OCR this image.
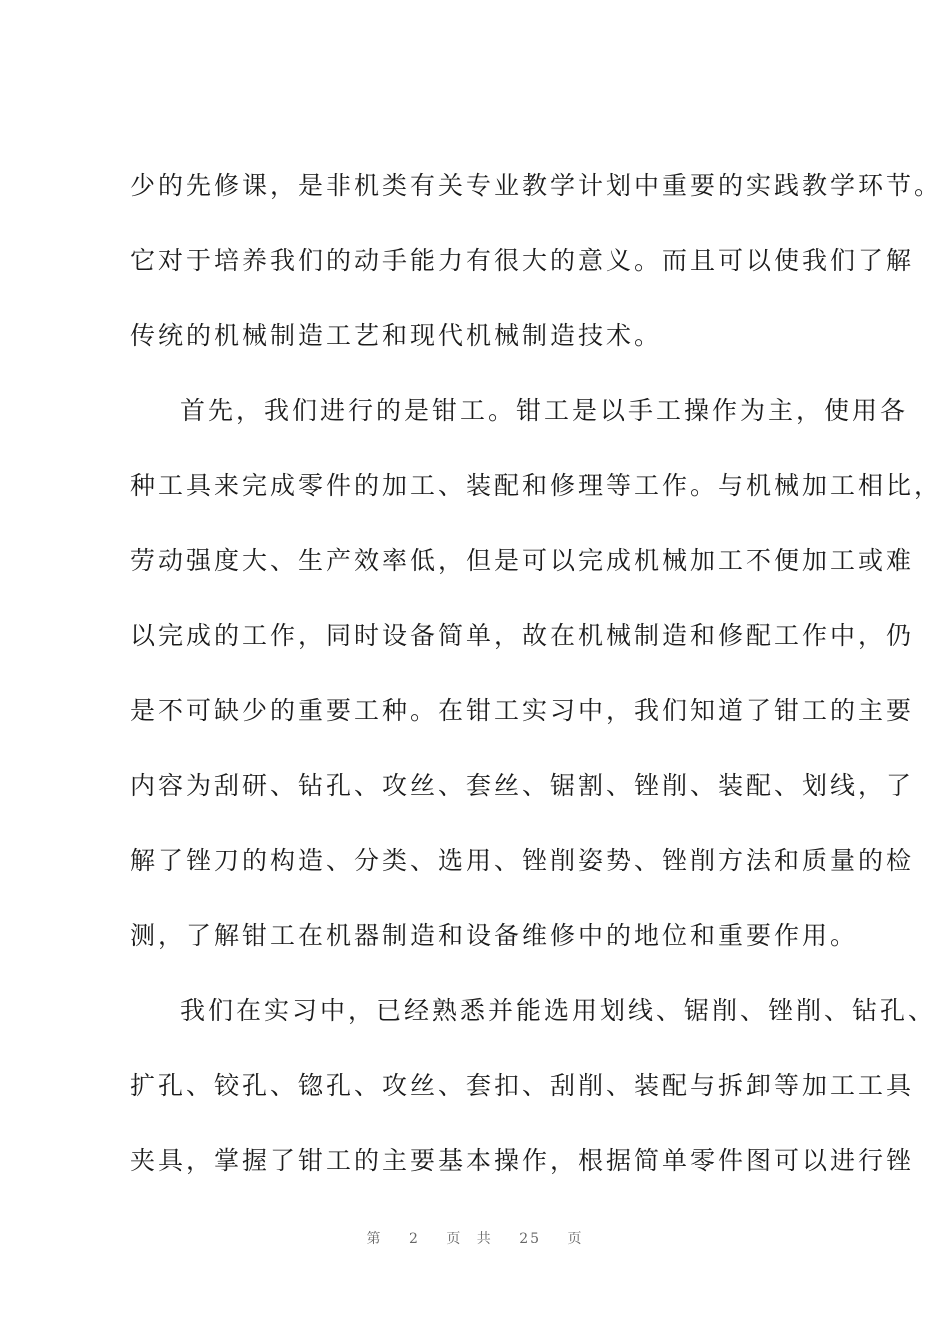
少的先修课，是非机类有关专业教学计划中重要的实践教学环节。
它对于培养我们的动手能力有很大的意义。而且可以使我们了解
传统的机械制造工艺和现代机械制造技术。
首先，我们进行的是钳工。钳工是以手工操作为主，使用各
种工具来完成零件的加工、装配和修理等工作。与机械加工相比，
劳动强度大、生产效率低，但是可以完成机械加工不便加工或难
以完成的工作，同时设备简单，故在机械制造和修配工作中，仍
是不可缺少的重要工种。在钳工实习中，我们知道了钳工的主要
内容为刮研、钻孔、攻丝、套丝、锯割、锉削、装配、划线，了
解了锉刀的构造、分类、选用、锉削姿势、锉削方法和质量的检
测，了解钳工在机器制造和设备维修中的地位和重要作用。
我们在实习中，已经熟悉并能选用划线、锯削、锉削、钻孔、
扩孔、铰孔、锪孔、攻丝、套扣、刮削、装配与拆卸等加工工具
夹具，掌握了钳工的主要基本操作，根据简单零件图可以进行锉
第 2 页 共 25 页
